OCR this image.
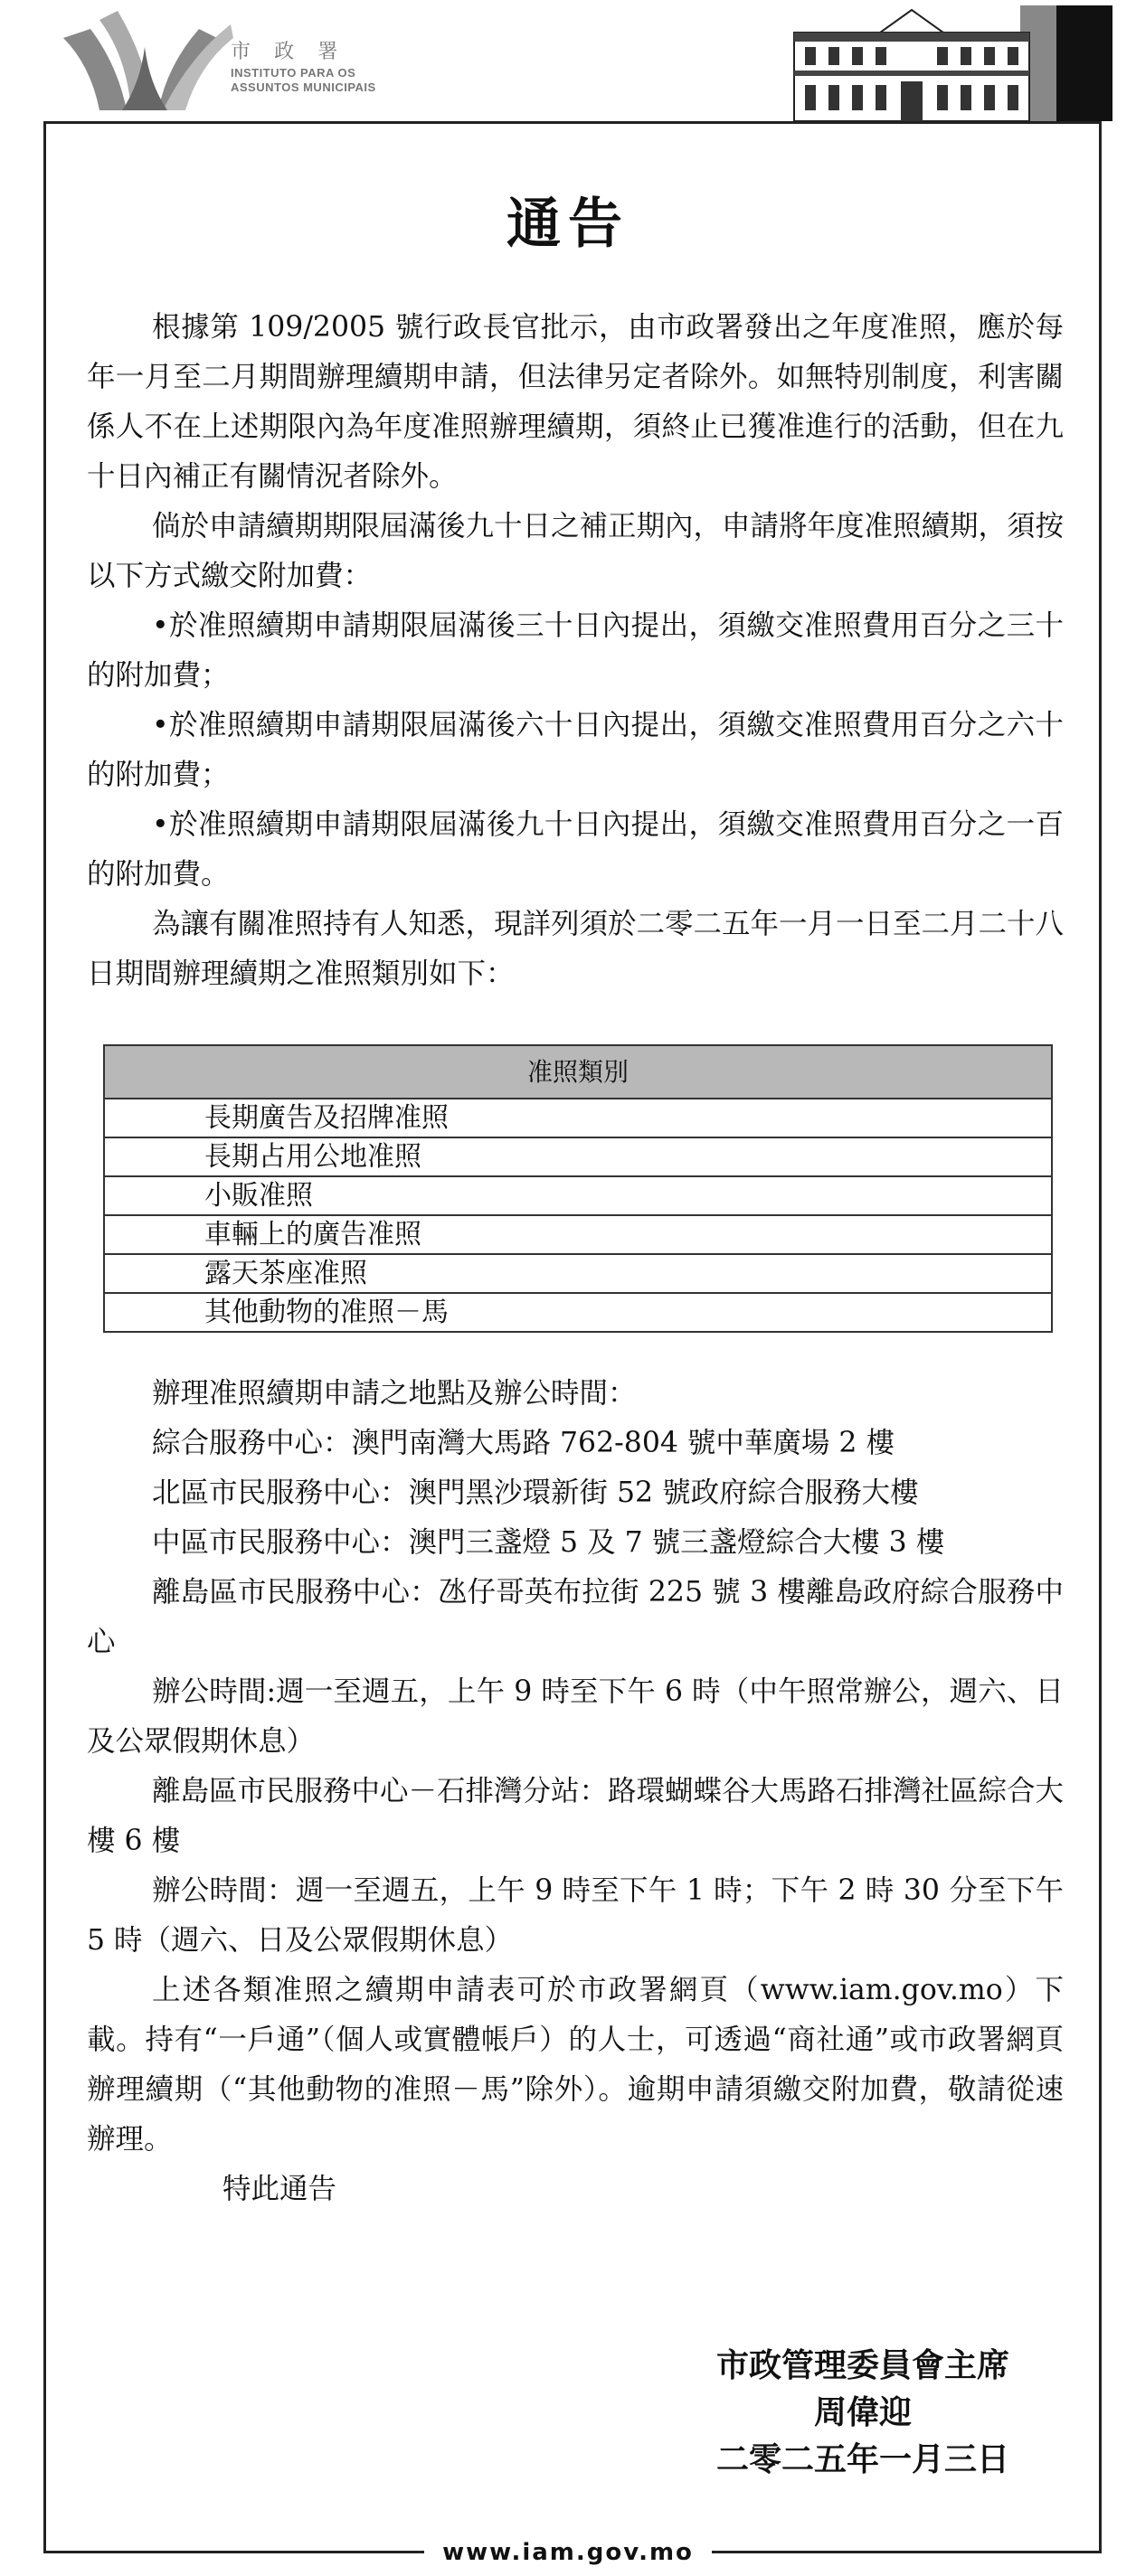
市 政 署
INSTITUTO PARA OS
ASSUNTOS MUNICIPAIS
通告

根據第 109/2005 號行政長官批示，由市政署發出之年度准照，應於每年一月至二月期間辦理續期申請，但法律另定者除外。如無特別制度，利害關係人不在上述期限內為年度准照辦理續期，須終止已獲准進行的活動，但在九十日內補正有關情況者除外。

倘於申請續期期限屆滿後九十日之補正期內，申請將年度准照續期，須按以下方式繳交附加費：

•於准照續期申請期限屆滿後三十日內提出，須繳交准照費用百分之三十的附加費；

•於准照續期申請期限屆滿後六十日內提出，須繳交准照費用百分之六十的附加費；

•於准照續期申請期限屆滿後九十日內提出，須繳交准照費用百分之一百的附加費。

為讓有關准照持有人知悉，現詳列須於二零二五年一月一日至二月二十八日期間辦理續期之准照類別如下：

准照類別
長期廣告及招牌准照
長期占用公地准照
小販准照
車輛上的廣告准照
露天茶座准照
其他動物的准照－馬

辦理准照續期申請之地點及辦公時間：

綜合服務中心：澳門南灣大馬路 762-804 號中華廣場 2 樓

北區市民服務中心：澳門黑沙環新街 52 號政府綜合服務大樓

中區市民服務中心：澳門三盞燈 5 及 7 號三盞燈綜合大樓 3 樓

離島區市民服務中心：氹仔哥英布拉街 225 號 3 樓離島政府綜合服務中心

辦公時間:週一至週五，上午 9 時至下午 6 時（中午照常辦公，週六、日及公眾假期休息）

離島區市民服務中心－石排灣分站：路環蝴蝶谷大馬路石排灣社區綜合大樓 6 樓

辦公時間：週一至週五，上午 9 時至下午 1 時；下午 2 時 30 分至下午 5 時（週六、日及公眾假期休息）

上述各類准照之續期申請表可於市政署網頁（www.iam.gov.mo）下載。持有“一戶通”（個人或實體帳戶）的人士，可透過“商社通”或市政署網頁辦理續期（“其他動物的准照－馬”除外）。逾期申請須繳交附加費，敬請從速辦理。

特此通告

市政管理委員會主席
周偉迎
二零二五年一月三日
www.iam.gov.mo
